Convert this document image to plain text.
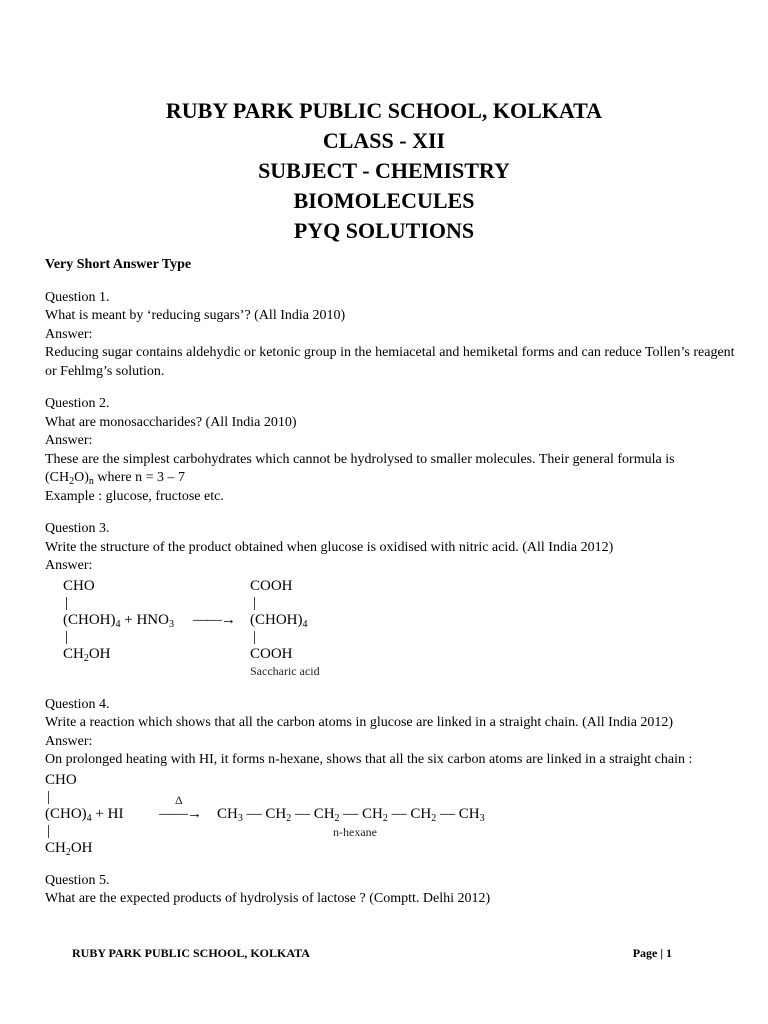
RUBY PARK PUBLIC SCHOOL, KOLKATA
CLASS - XII
SUBJECT - CHEMISTRY
BIOMOLECULES
PYQ SOLUTIONS

Very Short Answer Type

Question 1.

What is meant by ‘reducing sugars’? (All India 2010)

Answer:

Reducing sugar contains aldehydic or ketonic group in the hemiacetal and hemiketal forms and can reduce Tollen’s reagent or Fehlmg’s solution.

Question 2.

What are monosaccharides? (All India 2010)

Answer:

These are the simplest carbohydrates which cannot be hydrolysed to smaller molecules. Their general formula is

$(CH_2O)_n$ where n = 3 – 7

Example : glucose, fructose etc.

Question 3.

Write the structure of the product obtained when glucose is oxidised with nitric acid. (All India 2012)

Answer:

CHO
|
$(CHOH)_4 + HNO_3$ ——→
|
$CH_2OH$
COOH
|
$(CHOH)_4$
|
COOH
Saccharic acid

Question 4.

Write a reaction which shows that all the carbon atoms in glucose are linked in a straight chain. (All India 2012)

Answer:

On prolonged heating with HI, it forms n-hexane, shows that all the six carbon atoms are linked in a straight chain :

CHO
|
$(CHO)_4$ + HI
Δ
——→ $CH_3$ — $CH_2$ — $CH_2$ — $CH_2$ — $CH_2$ — $CH_3$
n-hexane
|
$CH_2OH$

Question 5.

What are the expected products of hydrolysis of lactose ? (Comptt. Delhi 2012)

RUBY PARK PUBLIC SCHOOL, KOLKATA	Page | 1
